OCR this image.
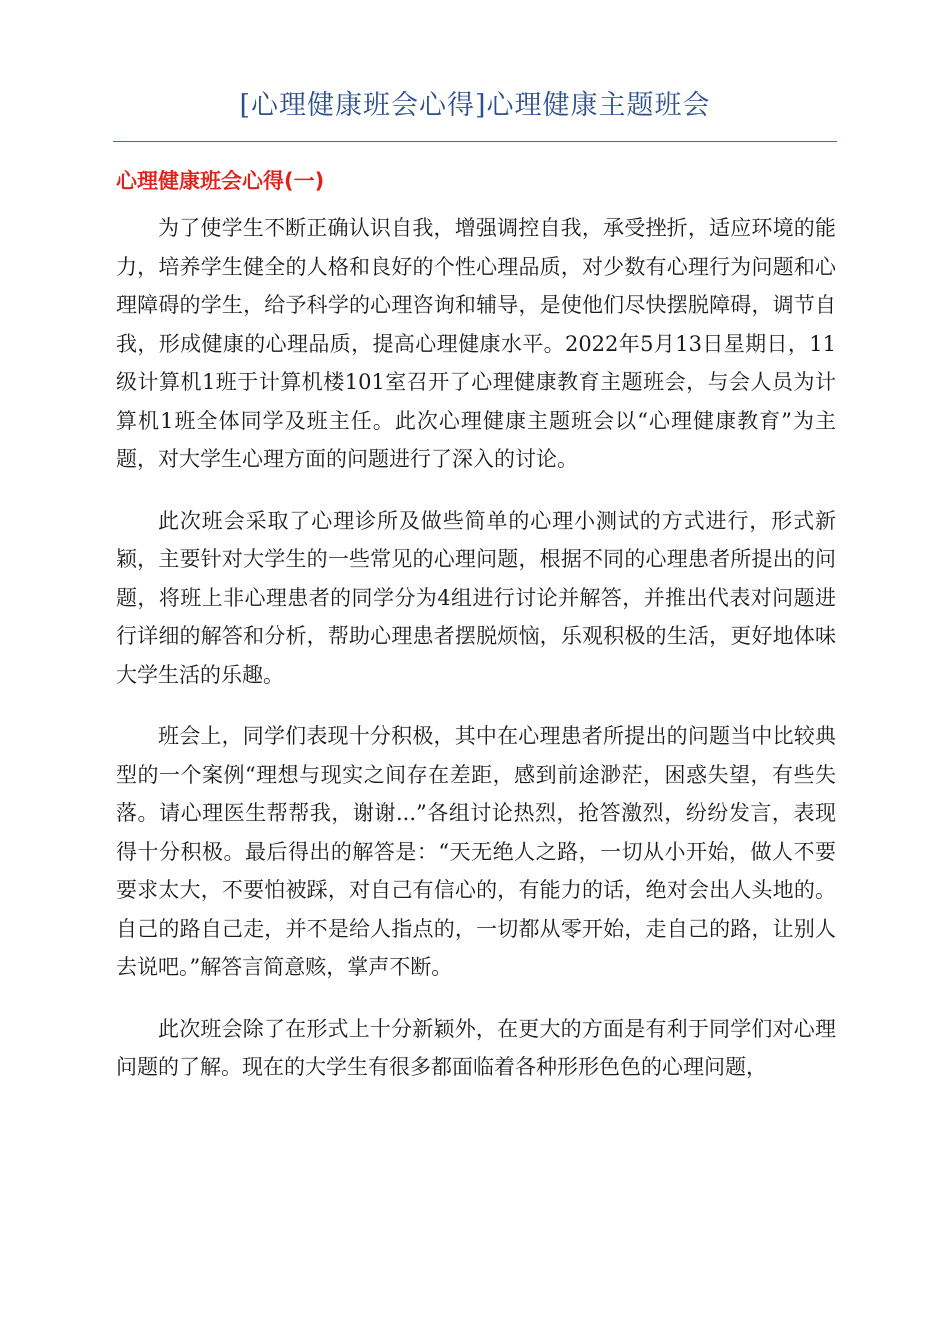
[心理健康班会心得]心理健康主题班会
心理健康班会心得(一)

为了使学生不断正确认识自我，增强调控自我，承受挫折，适应环境的能力，培养学生健全的人格和良好的个性心理品质，对少数有心理行为问题和心理障碍的学生，给予科学的心理咨询和辅导，是使他们尽快摆脱障碍，调节自我，形成健康的心理品质，提高心理健康水平。2022年5月13日星期日，11级计算机1班于计算机楼101室召开了心理健康教育主题班会，与会人员为计算机1班全体同学及班主任。此次心理健康主题班会以“心理健康教育”为主题，对大学生心理方面的问题进行了深入的讨论。

此次班会采取了心理诊所及做些简单的心理小测试的方式进行，形式新颖，主要针对大学生的一些常见的心理问题，根据不同的心理患者所提出的问题，将班上非心理患者的同学分为4组进行讨论并解答，并推出代表对问题进行详细的解答和分析，帮助心理患者摆脱烦恼，乐观积极的生活，更好地体味大学生活的乐趣。

班会上，同学们表现十分积极，其中在心理患者所提出的问题当中比较典型的一个案例“理想与现实之间存在差距，感到前途渺茫，困惑失望，有些失落。请心理医生帮帮我，谢谢...”各组讨论热烈，抢答激烈，纷纷发言，表现得十分积极。最后得出的解答是：“天无绝人之路，一切从小开始，做人不要要求太大，不要怕被踩，对自己有信心的，有能力的话，绝对会出人头地的。自己的路自己走，并不是给人指点的，一切都从零开始，走自己的路，让别人去说吧。”解答言简意赅，掌声不断。

此次班会除了在形式上十分新颖外，在更大的方面是有利于同学们对心理问题的了解。现在的大学生有很多都面临着各种形形色色的心理问题，
